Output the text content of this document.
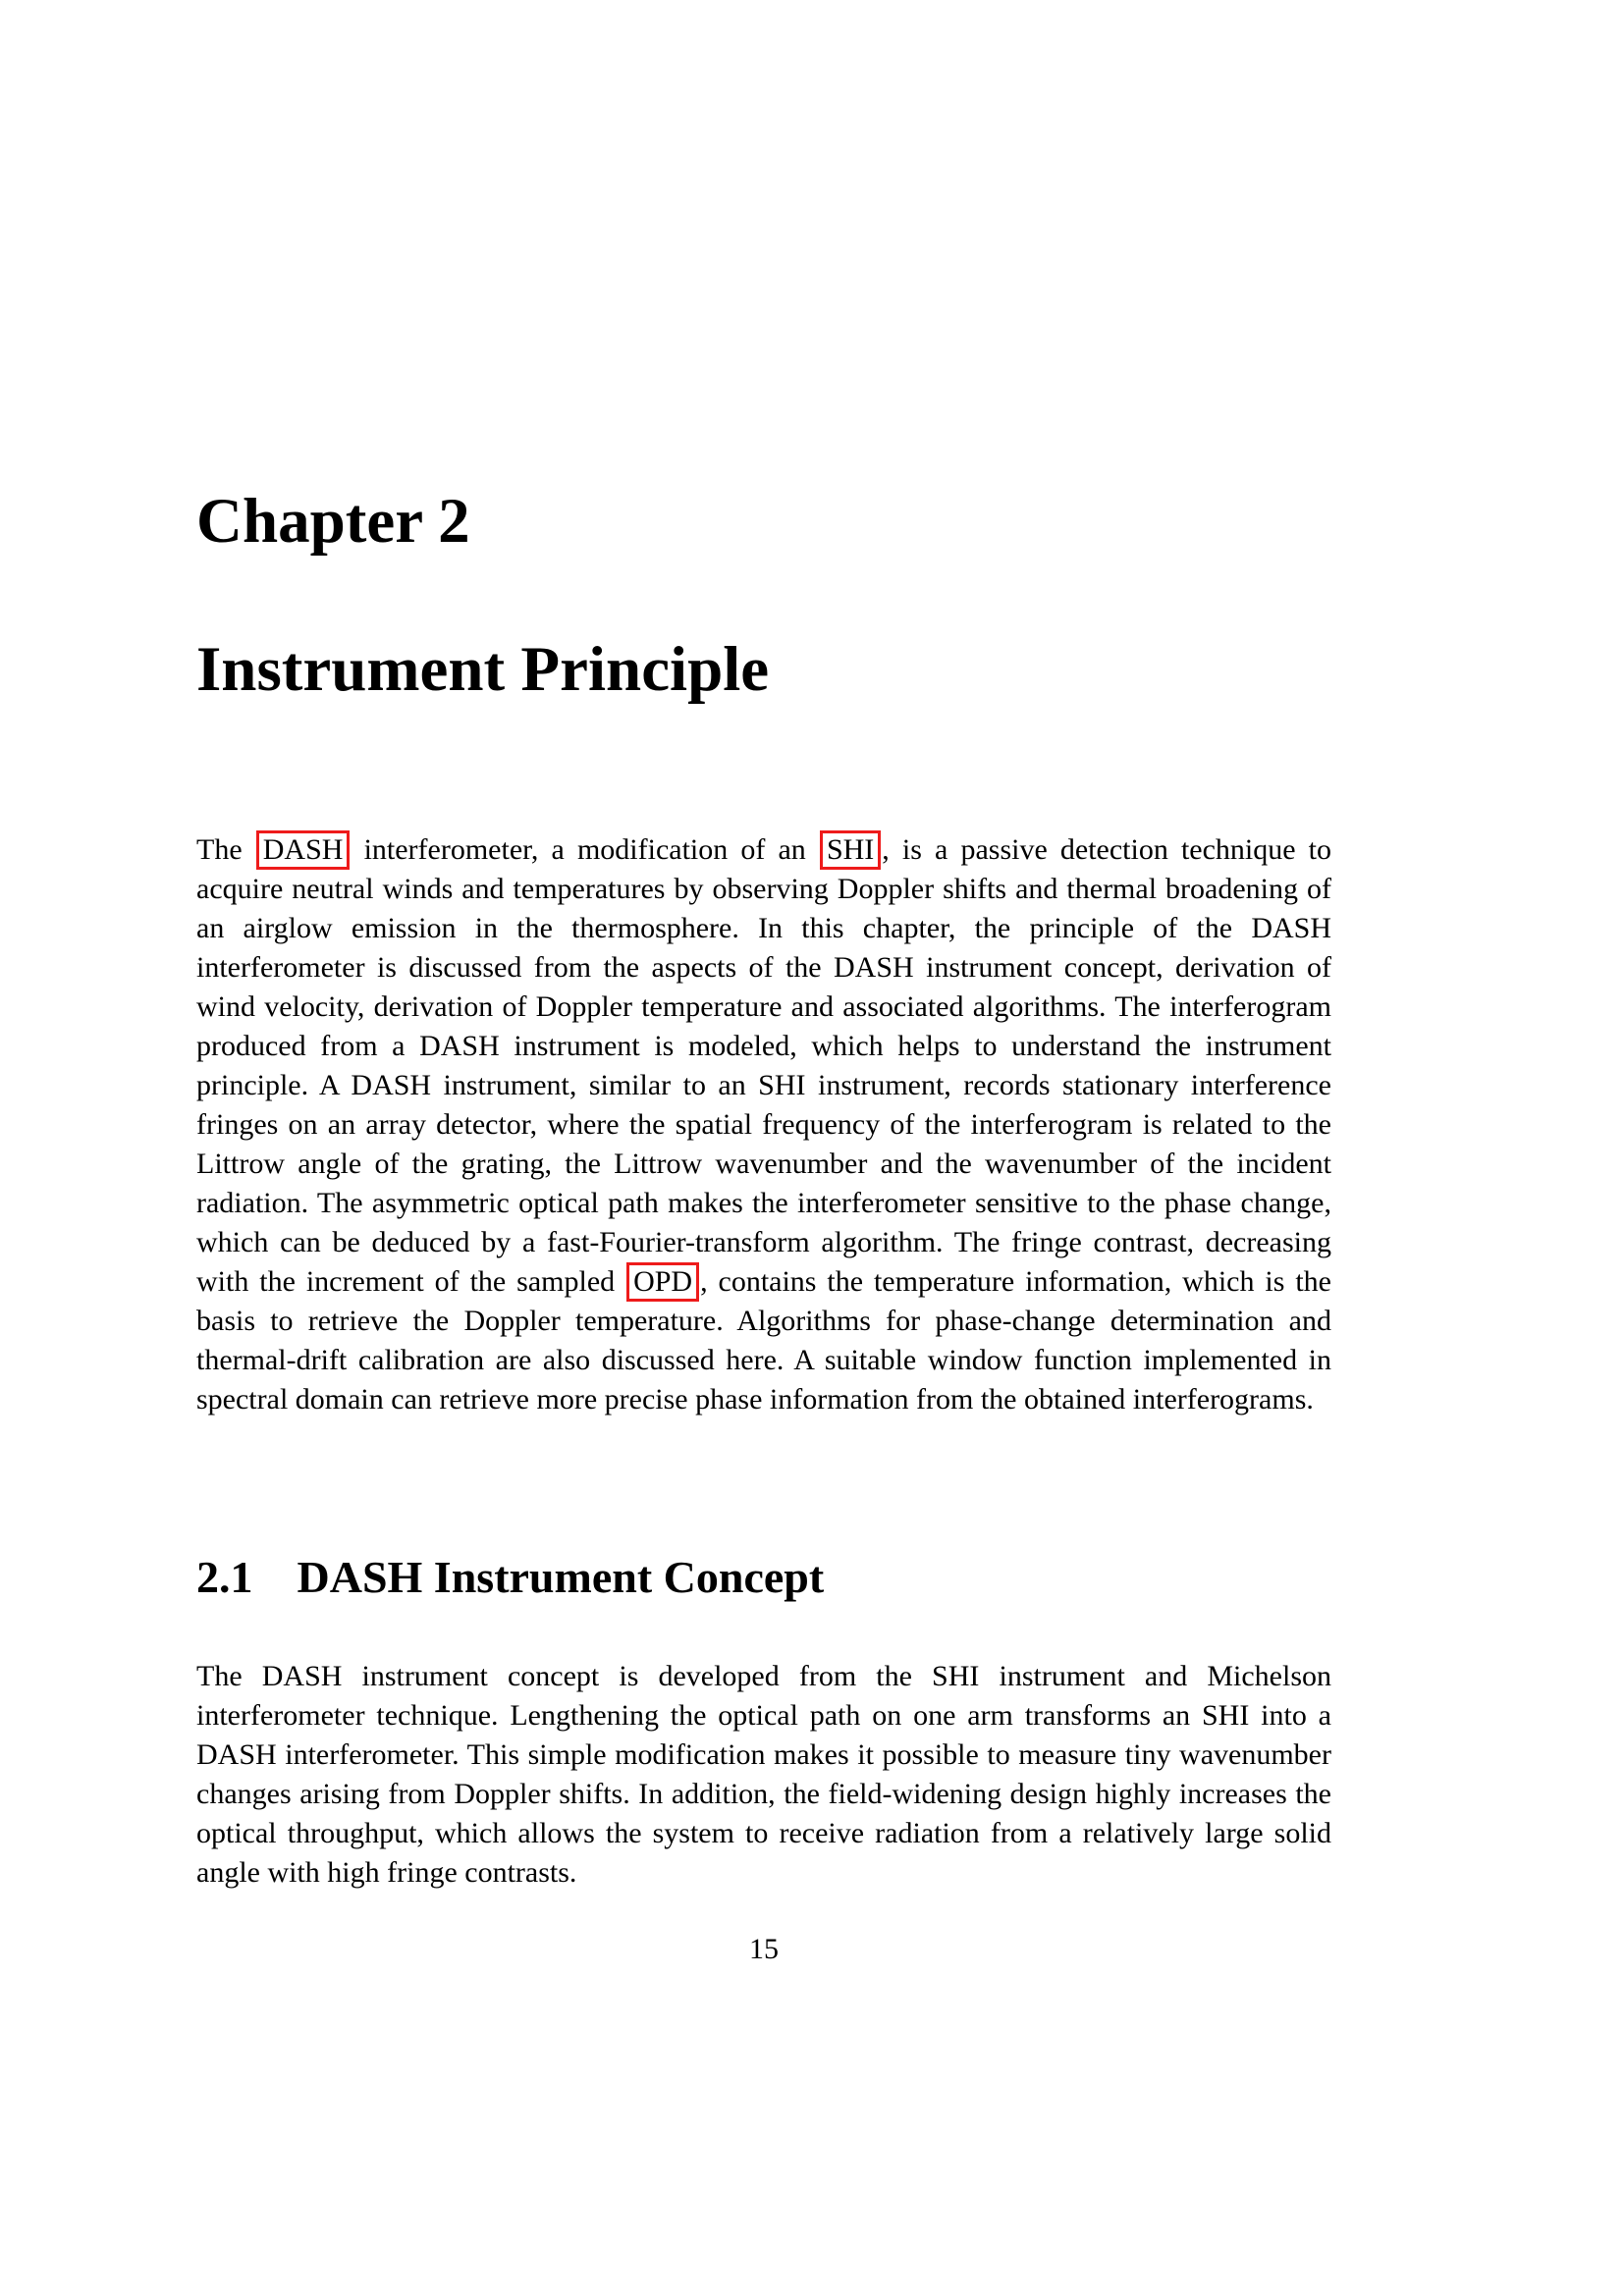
Chapter 2
Instrument Principle
The DASH interferometer, a modification of an SHI , is a passive detection technique to acquire neutral winds and temperatures by observing Doppler shifts and thermal broadening of an airglow emission in the thermosphere. In this chapter, the principle of the DASH interferometer is discussed from the aspects of the DASH instrument concept, derivation of wind velocity, derivation of Doppler temperature and associated algorithms. The interferogram produced from a DASH instrument is modeled, which helps to understand the instrument principle. A DASH instrument, similar to an SHI instrument, records stationary interference fringes on an array detector, where the spatial frequency of the interferogram is related to the Littrow angle of the grating, the Littrow wavenumber and the wavenumber of the incident radiation. The asymmetric optical path makes the interferometer sensitive to the phase change, which can be deduced by a fast-Fourier-transform algorithm. The fringe contrast, decreasing with the increment of the sampled OPD , contains the temperature information, which is the basis to retrieve the Doppler temperature. Algorithms for phase-change determination and thermal-drift calibration are also discussed here. A suitable window function implemented in spectral domain can retrieve more precise phase information from the obtained interferograms.
2.1 DASH Instrument Concept
The DASH instrument concept is developed from the SHI instrument and Michelson interferometer technique. Lengthening the optical path on one arm transforms an SHI into a DASH interferometer. This simple modification makes it possible to measure tiny wavenumber changes arising from Doppler shifts. In addition, the field-widening design highly increases the optical throughput, which allows the system to receive radiation from a relatively large solid angle with high fringe contrasts.
15
